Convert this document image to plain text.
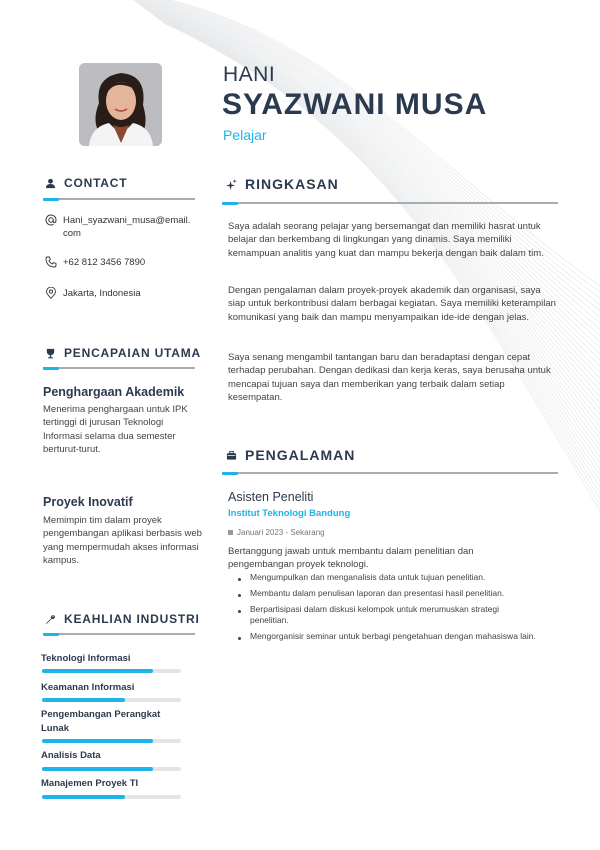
HANI
SYAZWANI MUSA
Pelajar
CONTACT
Hani_syazwani_musa@email.com
+62 812 3456 7890
Jakarta, Indonesia
PENCAPAIAN UTAMA
Penghargaan Akademik
Menerima penghargaan untuk IPK tertinggi di jurusan Teknologi Informasi selama dua semester berturut-turut.
Proyek Inovatif
Memimpin tim dalam proyek pengembangan aplikasi berbasis web yang mempermudah akses informasi kampus.
KEAHLIAN INDUSTRI
Teknologi Informasi
Keamanan Informasi
Pengembangan Perangkat Lunak
Analisis Data
Manajemen Proyek TI
RINGKASAN
Saya adalah seorang pelajar yang bersemangat dan memiliki hasrat untuk belajar dan berkembang di lingkungan yang dinamis. Saya memiliki kemampuan analitis yang kuat dan mampu bekerja dengan baik dalam tim.
Dengan pengalaman dalam proyek-proyek akademik dan organisasi, saya siap untuk berkontribusi dalam berbagai kegiatan. Saya memiliki keterampilan komunikasi yang baik dan mampu menyampaikan ide-ide dengan jelas.
Saya senang mengambil tantangan baru dan beradaptasi dengan cepat terhadap perubahan. Dengan dedikasi dan kerja keras, saya berusaha untuk mencapai tujuan saya dan memberikan yang terbaik dalam setiap kesempatan.
PENGALAMAN
Asisten Peneliti
Institut Teknologi Bandung
Januari 2023 - Sekarang
Bertanggung jawab untuk membantu dalam penelitian dan pengembangan proyek teknologi.
Mengumpulkan dan menganalisis data untuk tujuan penelitian.
Membantu dalam penulisan laporan dan presentasi hasil penelitian.
Berpartisipasi dalam diskusi kelompok untuk merumuskan strategi penelitian.
Mengorganisir seminar untuk berbagi pengetahuan dengan mahasiswa lain.
